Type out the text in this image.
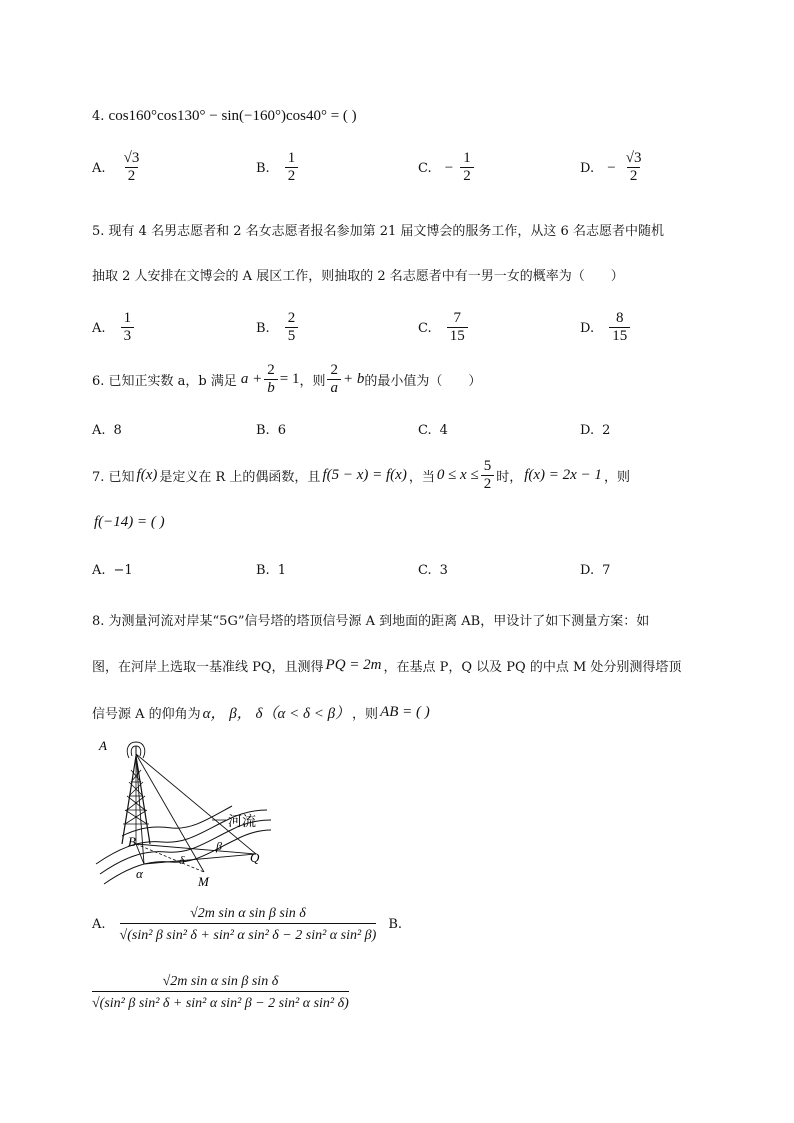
4. cos160°cos130° − sin(−160°)cos40° = ( )
A. $\frac{√3}{2}$	B. $\frac{1}{2}$	C. − $\frac{1}{2}$	D. − $\frac{√3}{2}$
5. 现有 4 名男志愿者和 2 名女志愿者报名参加第 21 届文博会的服务工作，从这 6 名志愿者中随机
抽取 2 人安排在文博会的 A 展区工作，则抽取的 2 名志愿者中有一男一女的概率为（　　）
A. $\frac{1}{3}$	B. $\frac{2}{5}$	C. $\frac{7}{15}$	D. $\frac{8}{15}$
6. 已知正实数 a，b 满足 $a + \frac{2}{b} = 1$ ，则 $\frac{2}{a} + b$ 的最小值为（　　）
A. 8	B. 6	C. 4	D. 2
7. 已知 f(x) 是定义在 R 上的偶函数，且 f(5 − x) = f(x) ，当 $0 \le x \le \frac{5}{2}$ 时， f(x) = 2x − 1 ，则
f(−14) = ( )
A. −1	B. 1	C. 3	D. 7
8. 为测量河流对岸某“5G”信号塔的塔顶信号源 A 到地面的距离 AB，甲设计了如下测量方案：如
图，在河岸上选取一基准线 PQ，且测得 PQ = 2m ，在基点 P，Q 以及 PQ 的中点 M 处分别测得塔顶
信号源 A 的仰角为 α， β， δ（α < δ < β） ，则 AB = ( )
A
B
α
δ
β
M
Q
河流
A. $\frac{\text{√2m sin α sin β sin δ}}{\text{√(sin² β sin² δ + sin² α sin² δ − 2 sin² α sin² β)}} B$.
$\frac{\text{√2m sin α sin β sin δ}}{\text{√(sin² β sin² δ + sin² α sin² β − 2 sin² α sin² δ)}}$
